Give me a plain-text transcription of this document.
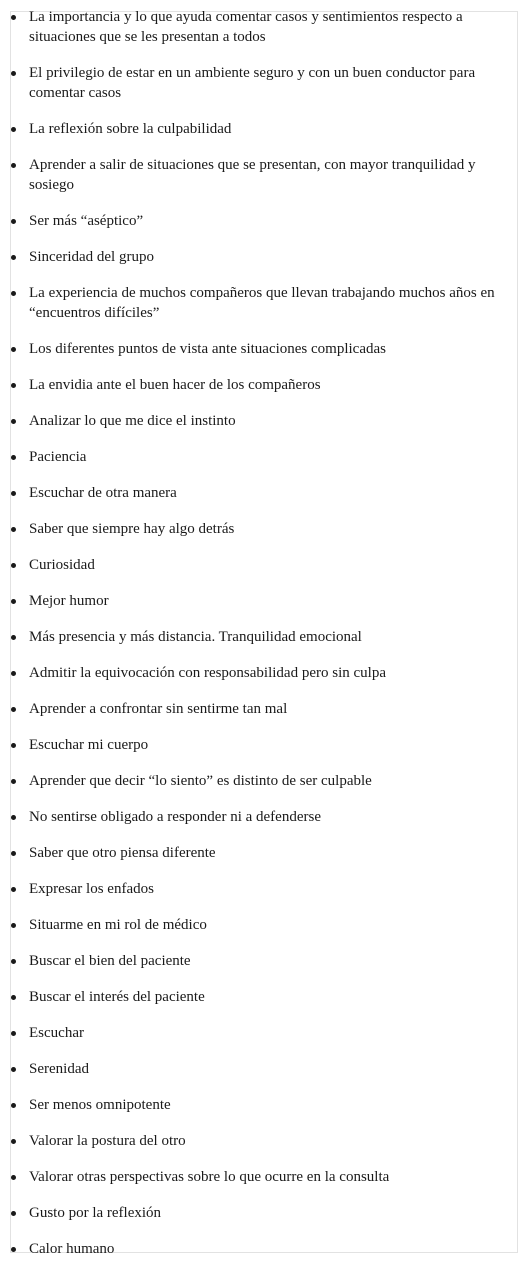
La importancia y lo que ayuda comentar casos y sentimientos respecto a situaciones que se les presentan a todos
El privilegio de estar en un ambiente seguro y con un buen conductor para comentar casos
La reflexión sobre la culpabilidad
Aprender a salir de situaciones que se presentan, con mayor tranquilidad y sosiego
Ser más “aséptico”
Sinceridad del grupo
La experiencia de muchos compañeros que llevan trabajando muchos años en “encuentros difíciles”
Los diferentes puntos de vista ante situaciones complicadas
La envidia ante el buen hacer de los compañeros
Analizar lo que me dice el instinto
Paciencia
Escuchar de otra manera
Saber que siempre hay algo detrás
Curiosidad
Mejor humor
Más presencia y más distancia. Tranquilidad emocional
Admitir la equivocación con responsabilidad pero sin culpa
Aprender a confrontar sin sentirme tan mal
Escuchar mi cuerpo
Aprender que decir “lo siento” es distinto de ser culpable
No sentirse obligado a responder ni a defenderse
Saber que otro piensa diferente
Expresar los enfados
Situarme en mi rol de médico
Buscar el bien del paciente
Buscar el interés del paciente
Escuchar
Serenidad
Ser menos omnipotente
Valorar la postura del otro
Valorar otras perspectivas sobre lo que ocurre en la consulta
Gusto por la reflexión
Calor humano
